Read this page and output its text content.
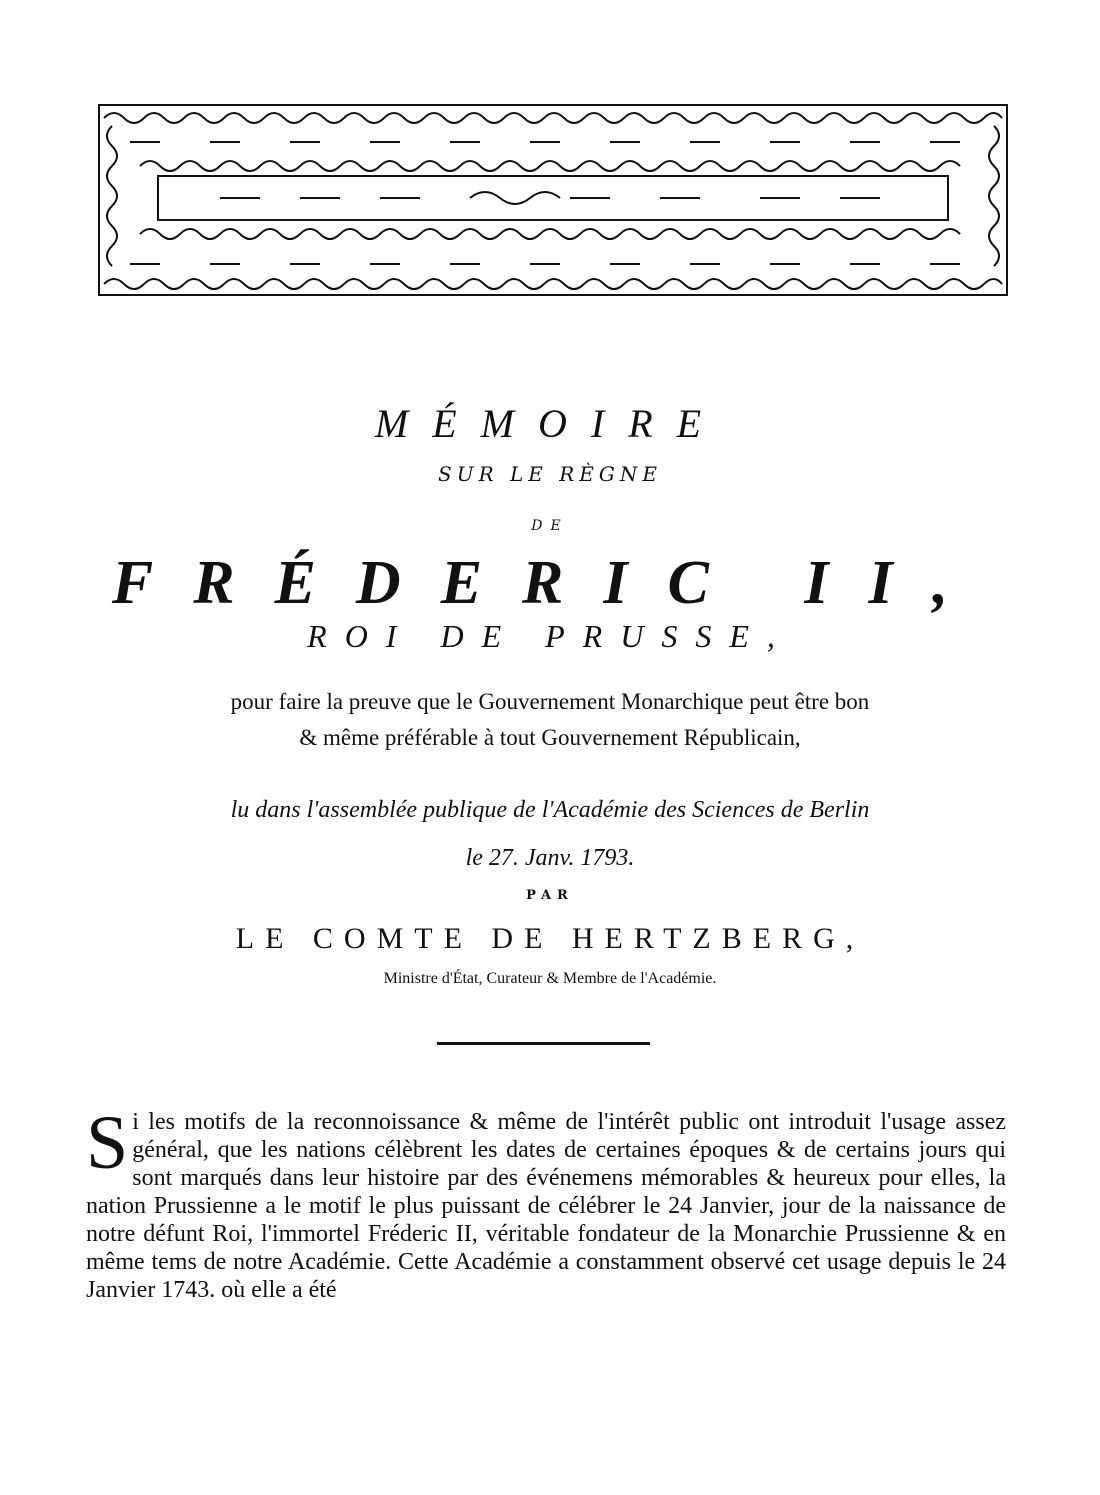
MÉMOIRE
SUR LE RÈGNE
DE
FRÉDERIC II,
ROI DE PRUSSE,
pour faire la preuve que le Gouvernement Monarchique peut être bon
& même préférable à tout Gouvernement Républicain,
lu dans l'assemblée publique de l'Académie des Sciences de Berlin
le 27. Janv. 1793.
PAR
LE COMTE DE HERTZBERG,
Ministre d'État, Curateur & Membre de l'Académie.
Si les motifs de la reconnoissance & même de l'intérêt public ont introduit l'usage assez général, que les nations célèbrent les dates de certaines époques & de certains jours qui sont marqués dans leur histoire par des événemens mémorables & heureux pour elles, la nation Prussienne a le motif le plus puissant de célébrer le 24 Janvier, jour de la naissance de notre défunt Roi, l'immortel Fréderic II, véritable fondateur de la Monarchie Prussienne & en même tems de notre Académie. Cette Académie a constamment observé cet usage depuis le 24 Janvier 1743. où elle a été
